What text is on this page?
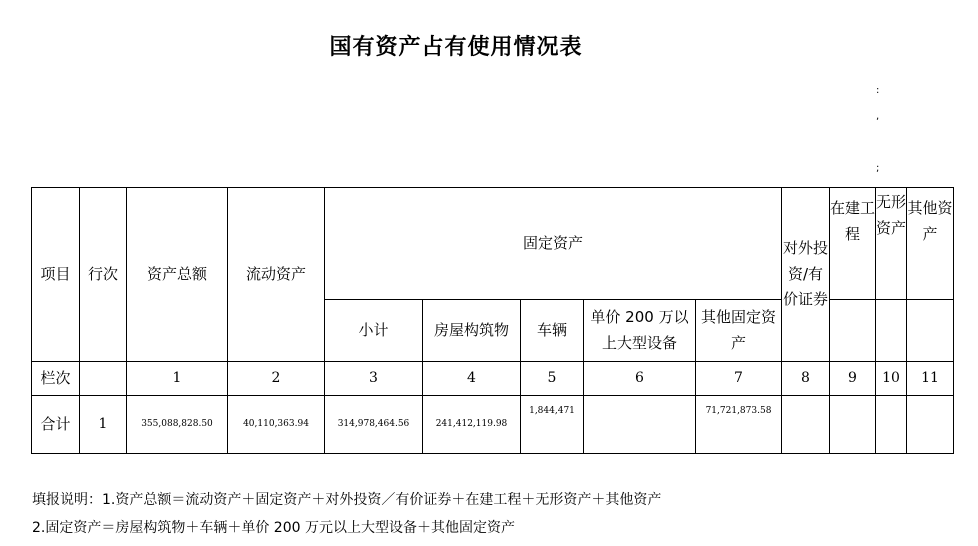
国有资产占有使用情况表
:
,
;
项目	行次	资产总额	流动资产	固定资产					对外投资/有价证券	在建工程	无形资产	其他资产
				小计	房屋构筑物	车辆	单价 200 万以上大型设备	其他固定资产				
栏次		1	2	3	4	5	6	7	8	9	10	11
合计	1	355,088,828.50	40,110,363.94	314,978,464.56	241,412,119.98	1,844,471		71,721,873.58				
填报说明：1.资产总额＝流动资产＋固定资产＋对外投资／有价证券＋在建工程＋无形资产＋其他资产
2.固定资产＝房屋构筑物＋车辆＋单价 200 万元以上大型设备＋其他固定资产
